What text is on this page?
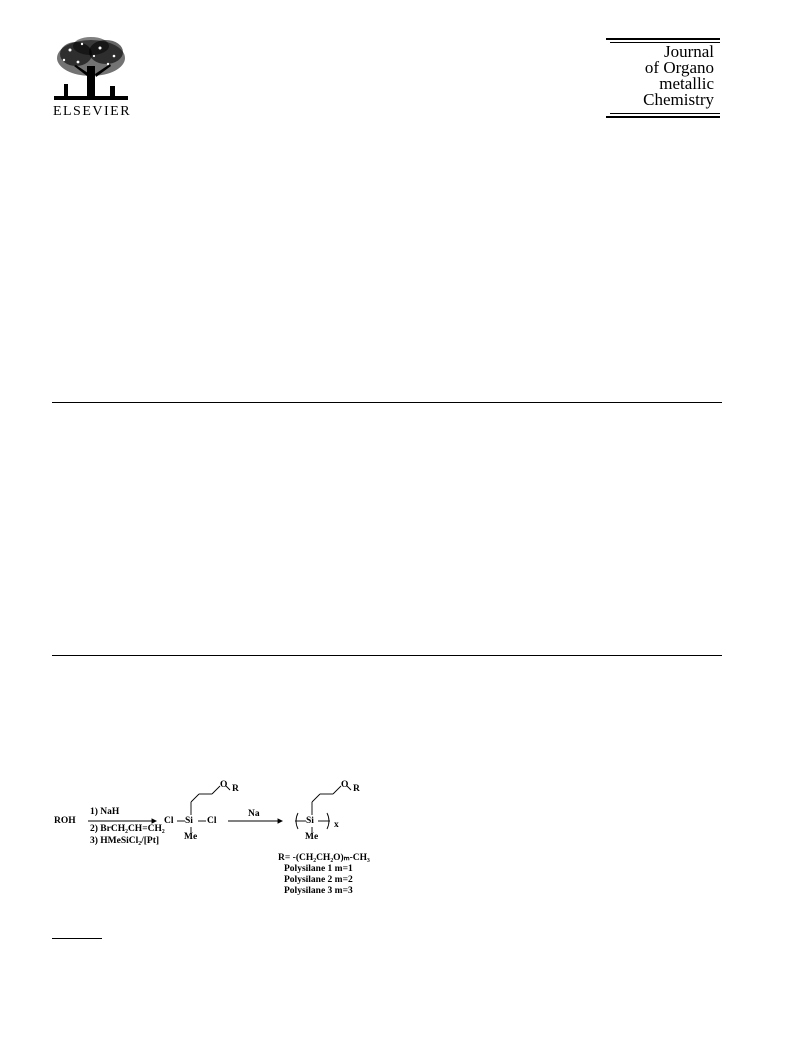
ELSEVIER
Journal
of Organo
metallic
Chemistry
ROH
1) NaH
2) BrCH₂CH=CH₂
3) HMeSiCl₂/[Pt]
O R
Cl Si Cl
Me
Na
O R
Si
Me
x
R= -(CH₂CH₂O)ₘ-CH₃
Polysilane 1 m=1
Polysilane 2 m=2
Polysilane 3 m=3
